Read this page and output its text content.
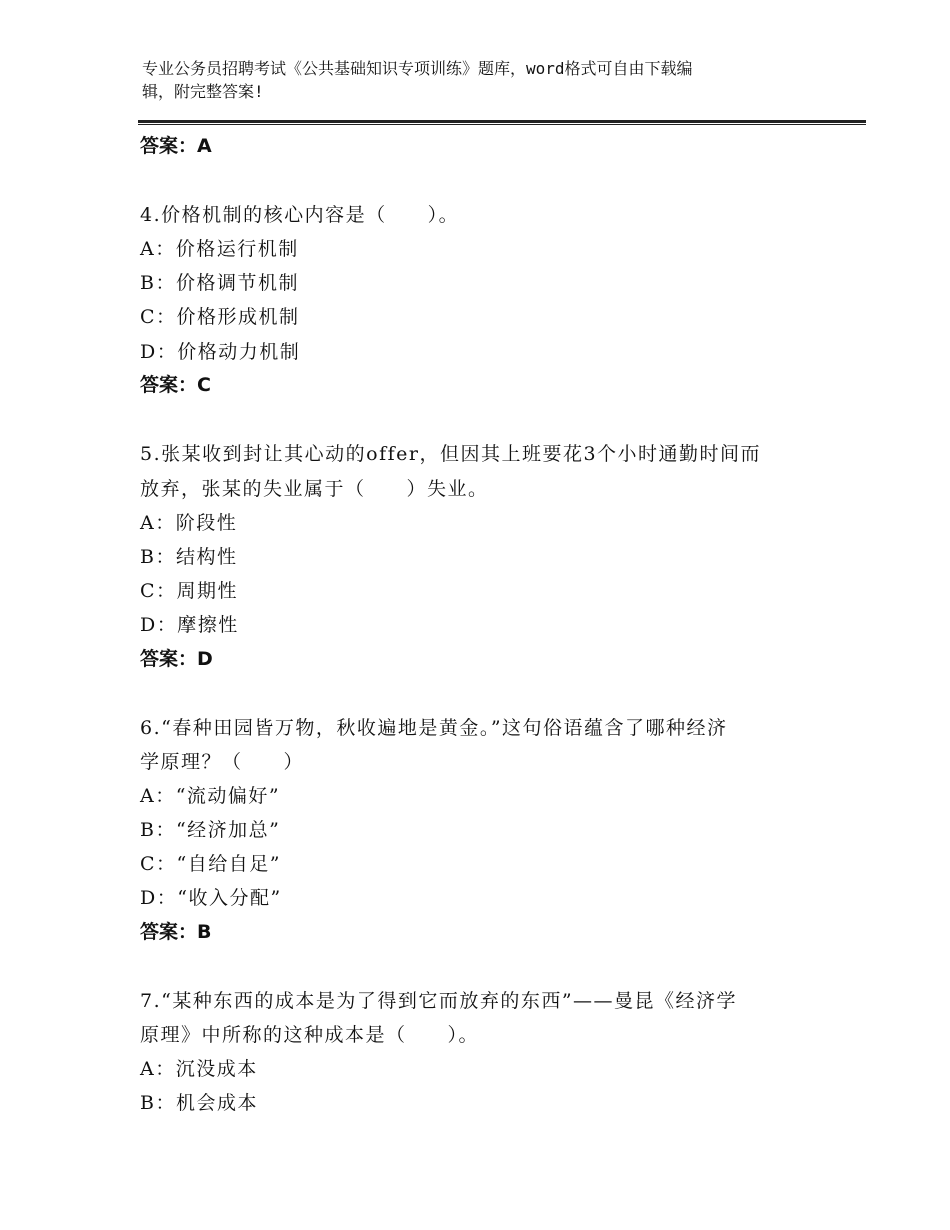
专业公务员招聘考试《公共基础知识专项训练》题库，word格式可自由下载编
辑，附完整答案!
答案：A
4.价格机制的核心内容是（　　）。
A：价格运行机制
B：价格调节机制
C：价格形成机制
D：价格动力机制
答案：C
5.张某收到封让其心动的offer，但因其上班要花3个小时通勤时间而
放弃，张某的失业属于（　　）失业。
A：阶段性
B：结构性
C：周期性
D：摩擦性
答案：D
6.“春种田园皆万物，秋收遍地是黄金。”这句俗语蕴含了哪种经济
学原理？（　　）
A：“流动偏好”
B：“经济加总”
C：“自给自足”
D：“收入分配”
答案：B
7.“某种东西的成本是为了得到它而放弃的东西”——曼昆《经济学
原理》中所称的这种成本是（　　）。
A：沉没成本
B：机会成本
